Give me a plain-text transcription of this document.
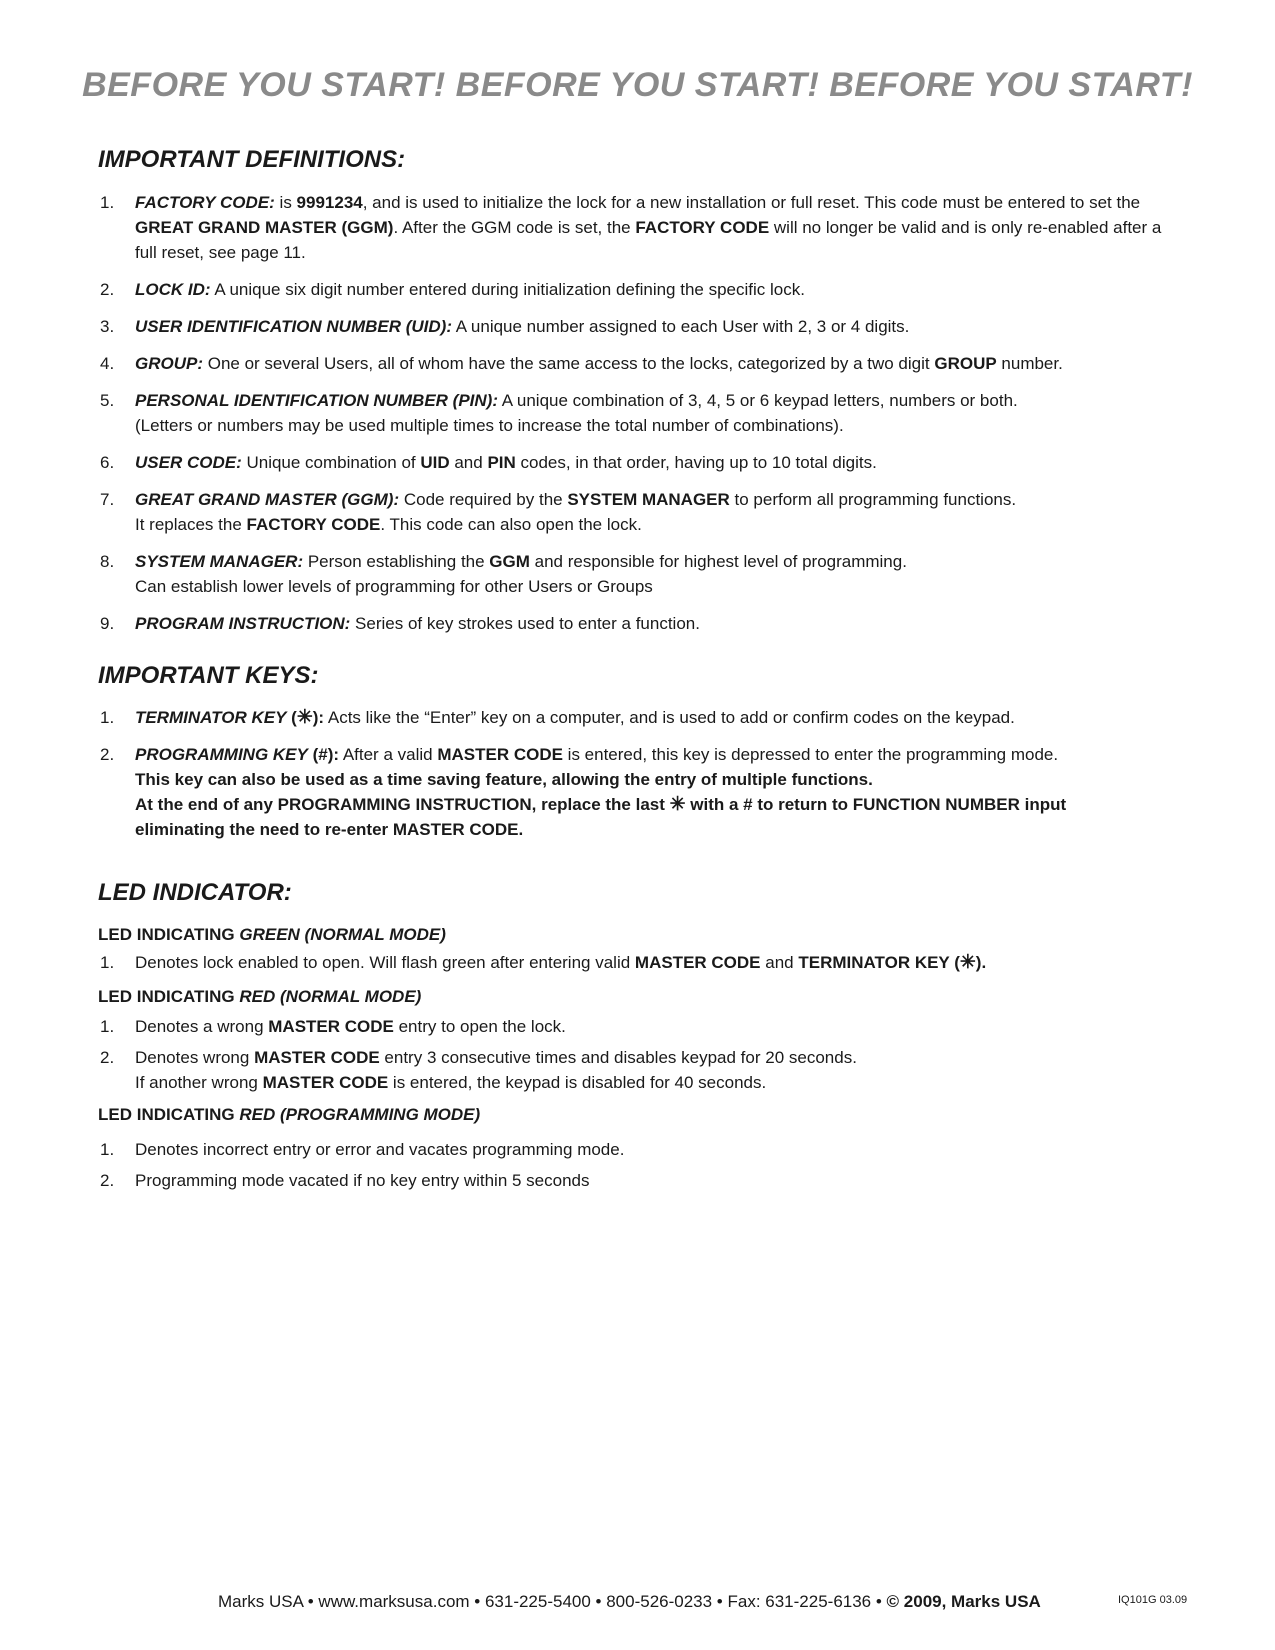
BEFORE YOU START! BEFORE YOU START! BEFORE YOU START!
IMPORTANT DEFINITIONS:
1. FACTORY CODE: is 9991234, and is used to initialize the lock for a new installation or full reset. This code must be entered to set the GREAT GRAND MASTER (GGM). After the GGM code is set, the FACTORY CODE will no longer be valid and is only re-enabled after a full reset, see page 11.
2. LOCK ID: A unique six digit number entered during initialization defining the specific lock.
3. USER IDENTIFICATION NUMBER (UID): A unique number assigned to each User with 2, 3 or 4 digits.
4. GROUP: One or several Users, all of whom have the same access to the locks, categorized by a two digit GROUP number.
5. PERSONAL IDENTIFICATION NUMBER (PIN): A unique combination of 3, 4, 5 or 6 keypad letters, numbers or both.
(Letters or numbers may be used multiple times to increase the total number of combinations).
6. USER CODE: Unique combination of UID and PIN codes, in that order, having up to 10 total digits.
7. GREAT GRAND MASTER (GGM): Code required by the SYSTEM MANAGER to perform all programming functions.
It replaces the FACTORY CODE. This code can also open the lock.
8. SYSTEM MANAGER: Person establishing the GGM and responsible for highest level of programming.
Can establish lower levels of programming for other Users or Groups
9. PROGRAM INSTRUCTION: Series of key strokes used to enter a function.
IMPORTANT KEYS:
1. TERMINATOR KEY (✳): Acts like the “Enter” key on a computer, and is used to add or confirm codes on the keypad.
2. PROGRAMMING KEY (#): After a valid MASTER CODE is entered, this key is depressed to enter the programming mode.
This key can also be used as a time saving feature, allowing the entry of multiple functions.
At the end of any PROGRAMMING INSTRUCTION, replace the last ✳ with a # to return to FUNCTION NUMBER input
eliminating the need to re-enter MASTER CODE.
LED INDICATOR:
LED INDICATING GREEN (NORMAL MODE)
1. Denotes lock enabled to open. Will flash green after entering valid MASTER CODE and TERMINATOR KEY (✳).
LED INDICATING RED (NORMAL MODE)
1. Denotes a wrong MASTER CODE entry to open the lock.
2. Denotes wrong MASTER CODE entry 3 consecutive times and disables keypad for 20 seconds.
If another wrong MASTER CODE is entered, the keypad is disabled for 40 seconds.
LED INDICATING RED (PROGRAMMING MODE)
1. Denotes incorrect entry or error and vacates programming mode.
2. Programming mode vacated if no key entry within 5 seconds
Marks USA • www.marksusa.com • 631-225-5400 • 800-526-0233 • Fax: 631-225-6136 • © 2009, Marks USA	IQ101G 03.09
